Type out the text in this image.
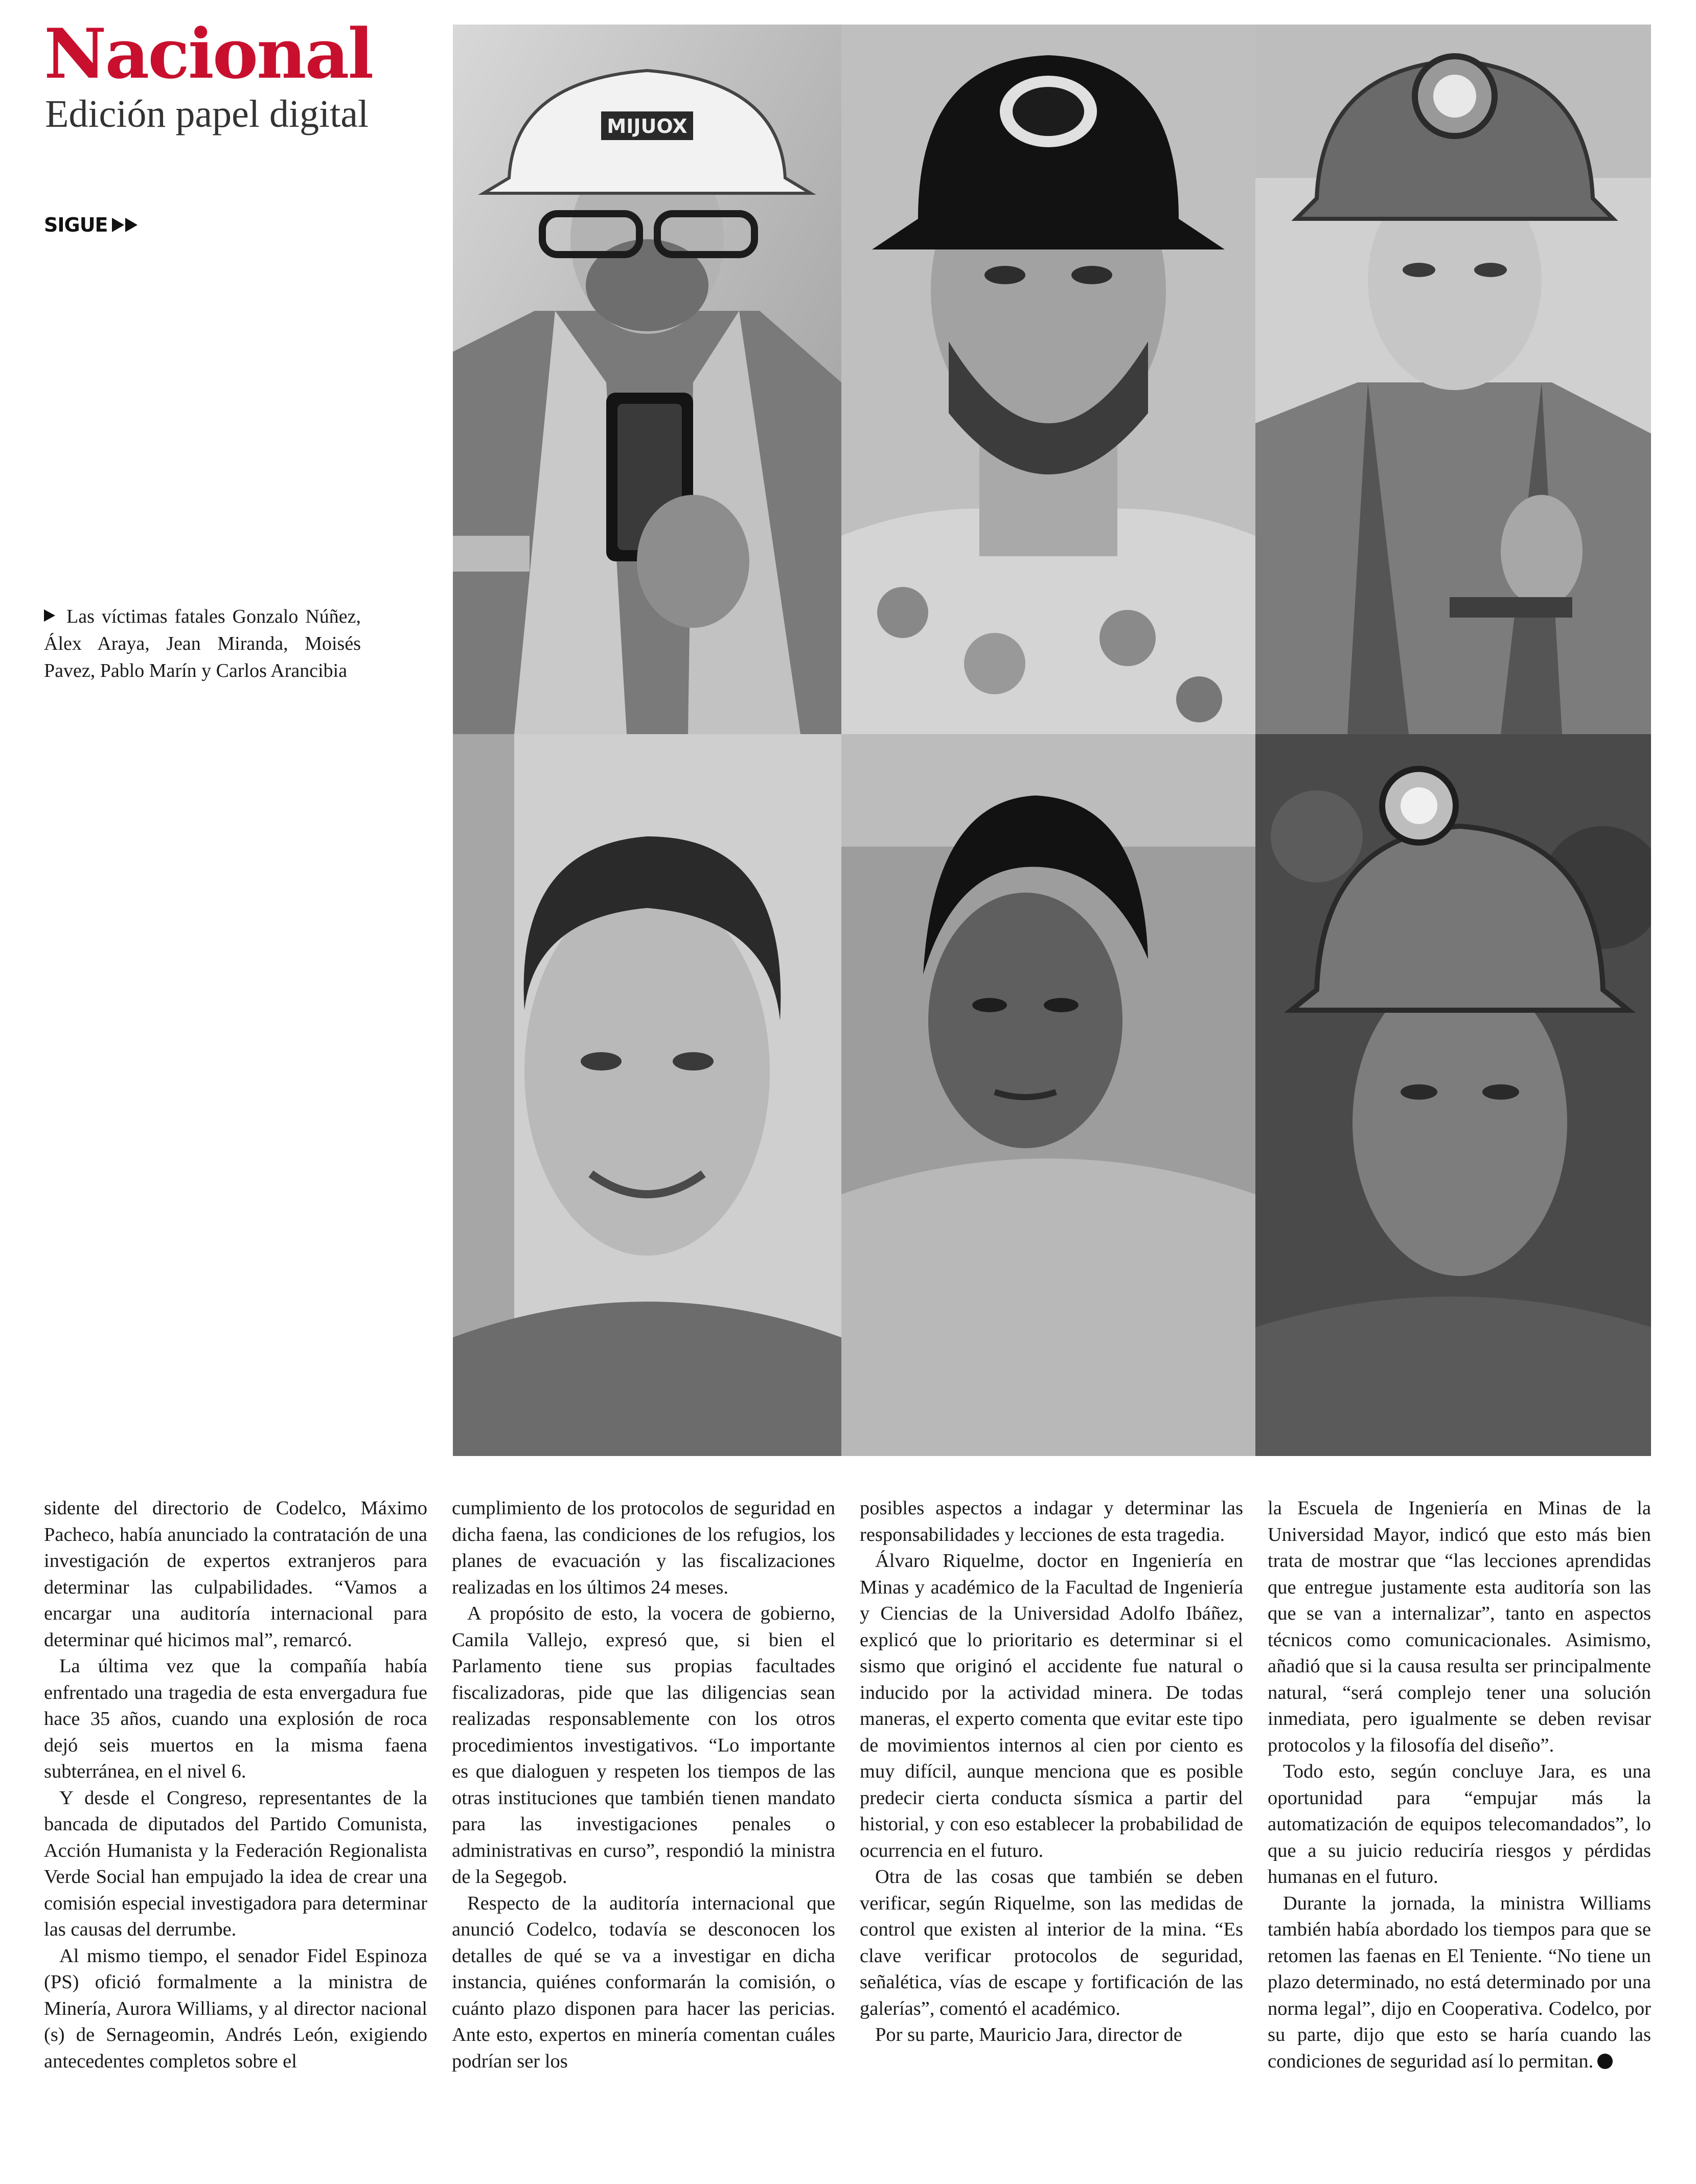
Nacional
Edición papel digital
SIGUE
Las víctimas fatales Gonzalo Núñez, Álex Araya, Jean Miranda, Moisés Pavez, Pablo Marín y Carlos Arancibia
MIJUOX

sidente del directorio de Codelco, Máximo Pacheco, había anunciado la contratación de una investigación de expertos extranjeros para determinar las culpabilidades. “Vamos a encargar una auditoría internacional para determinar qué hicimos mal”, remarcó.

La última vez que la compañía había enfrentado una tragedia de esta envergadura fue hace 35 años, cuando una explosión de roca dejó seis muertos en la misma faena subterránea, en el nivel 6.

Y desde el Congreso, representantes de la bancada de diputados del Partido Comunista, Acción Humanista y la Federación Regionalista Verde Social han empujado la idea de crear una comisión especial investigadora para determinar las causas del derrumbe.

Al mismo tiempo, el senador Fidel Espinoza (PS) ofició formalmente a la ministra de Minería, Aurora Williams, y al director nacional (s) de Sernageomin, Andrés León, exigiendo antecedentes completos sobre el

cumplimiento de los protocolos de seguridad en dicha faena, las condiciones de los refugios, los planes de evacuación y las fiscalizaciones realizadas en los últimos 24 meses.

A propósito de esto, la vocera de gobierno, Camila Vallejo, expresó que, si bien el Parlamento tiene sus propias facultades fiscalizadoras, pide que las diligencias sean realizadas responsablemente con los otros procedimientos investigativos. “Lo importante es que dialoguen y respeten los tiempos de las otras instituciones que también tienen mandato para las investigaciones penales o administrativas en curso”, respondió la ministra de la Segegob.

Respecto de la auditoría internacional que anunció Codelco, todavía se desconocen los detalles de qué se va a investigar en dicha instancia, quiénes conformarán la comisión, o cuánto plazo disponen para hacer las pericias. Ante esto, expertos en minería comentan cuáles podrían ser los

posibles aspectos a indagar y determinar las responsabilidades y lecciones de esta tragedia.

Álvaro Riquelme, doctor en Ingeniería en Minas y académico de la Facultad de Ingeniería y Ciencias de la Universidad Adolfo Ibáñez, explicó que lo prioritario es determinar si el sismo que originó el accidente fue natural o inducido por la actividad minera. De todas maneras, el experto comenta que evitar este tipo de movimientos internos al cien por ciento es muy difícil, aunque menciona que es posible predecir cierta conducta sísmica a partir del historial, y con eso establecer la probabilidad de ocurrencia en el futuro.

Otra de las cosas que también se deben verificar, según Riquelme, son las medidas de control que existen al interior de la mina. “Es clave verificar protocolos de seguridad, señalética, vías de escape y fortificación de las galerías”, comentó el académico.

Por su parte, Mauricio Jara, director de

la Escuela de Ingeniería en Minas de la Universidad Mayor, indicó que esto más bien trata de mostrar que “las lecciones aprendidas que entregue justamente esta auditoría son las que se van a internalizar”, tanto en aspectos técnicos como comunicacionales. Asimismo, añadió que si la causa resulta ser principalmente natural, “será complejo tener una solución inmediata, pero igualmente se deben revisar protocolos y la filosofía del diseño”.

Todo esto, según concluye Jara, es una oportunidad para “empujar más la automatización de equipos telecomandados”, lo que a su juicio reduciría riesgos y pérdidas humanas en el futuro.

Durante la jornada, la ministra Williams también había abordado los tiempos para que se retomen las faenas en El Teniente. “No tiene un plazo determinado, no está determinado por una norma legal”, dijo en Cooperativa. Codelco, por su parte, dijo que esto se haría cuando las condiciones de seguridad así lo permitan.
